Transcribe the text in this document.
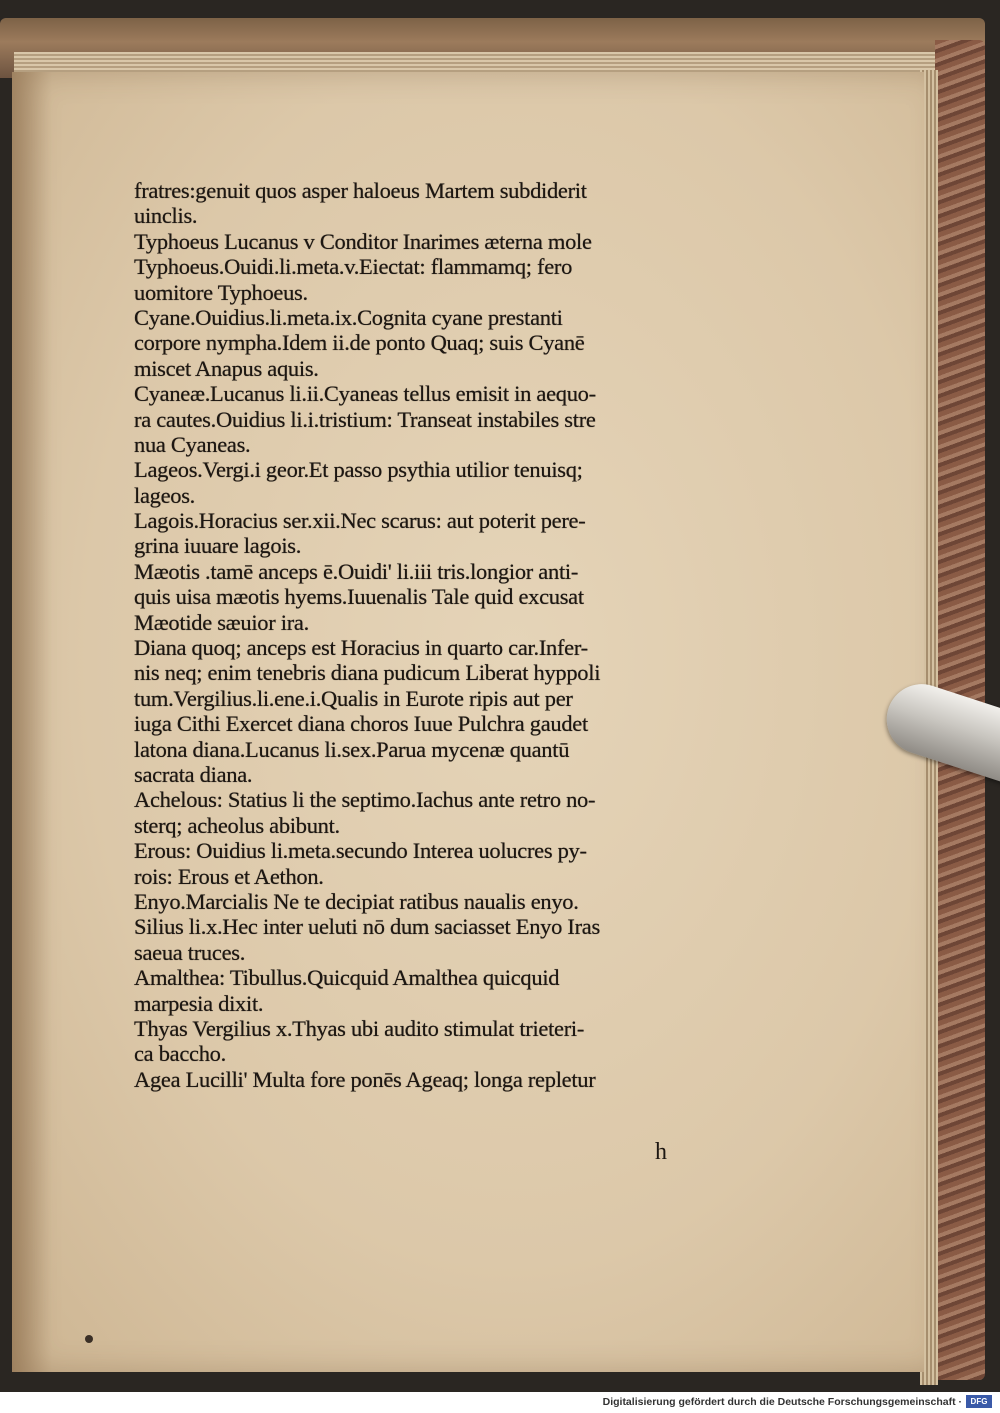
fratres:genuit quos asper haloeus Martem subdiderit
uinclis.
Typhoeus Lucanus v Conditor Inarimes æterna mole
Typhoeus.Ouidi.li.meta.v.Eiectat: flammamq; fero
uomitore Typhoeus.
Cyane.Ouidius.li.meta.ix.Cognita cyane prestanti
corpore nympha.Idem ii.de ponto Quaq; suis Cyanē
miscet Anapus aquis.
Cyaneæ.Lucanus li.ii.Cyaneas tellus emisit in aequo-
ra cautes.Ouidius li.i.tristium: Transeat instabiles stre
nua Cyaneas.
Lageos.Vergi.i geor.Et passo psythia utilior tenuisq;
lageos.
Lagois.Horacius ser.xii.Nec scarus: aut poterit pere-
grina iuuare lagois.
Mæotis .tamē anceps ē.Ouidi' li.iii tris.longior anti-
quis uisa mæotis hyems.Iuuenalis Tale quid excusat
Mæotide sæuior ira.
Diana quoq; anceps est Horacius in quarto car.Infer-
nis neq; enim tenebris diana pudicum Liberat hyppoli
tum.Vergilius.li.ene.i.Qualis in Eurote ripis aut per
iuga Cithi Exercet diana choros Iuue Pulchra gaudet
latona diana.Lucanus li.sex.Parua mycenæ quantū
sacrata diana.
Achelous: Statius li the septimo.Iachus ante retro no-
sterq; acheolus abibunt.
Erous: Ouidius li.meta.secundo Interea uolucres py-
rois: Erous et Aethon.
Enyo.Marcialis Ne te decipiat ratibus naualis enyo.
Silius li.x.Hec inter ueluti nō dum saciasset Enyo Iras
saeua truces.
Amalthea: Tibullus.Quicquid Amalthea quicquid
marpesia dixit.
Thyas Vergilius x.Thyas ubi audito stimulat trieteri-
ca baccho.
Agea Lucilli' Multa fore ponēs Ageaq; longa repletur
h
Digitalisierung gefördert durch die Deutsche Forschungsgemeinschaft ·	DFG
